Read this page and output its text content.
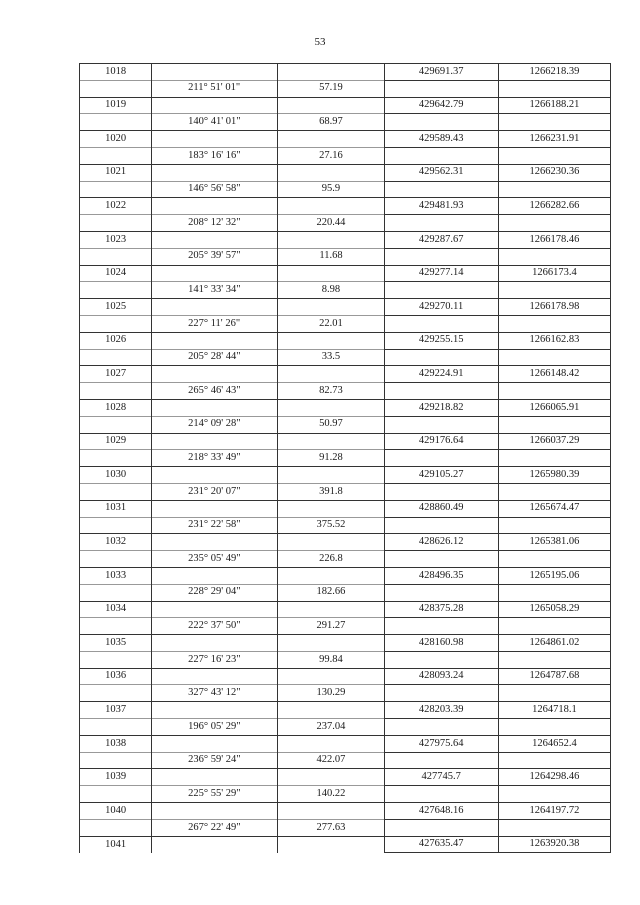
53
1018			429691.37	1266218.39
	211° 51' 01"	57.19		
1019			429642.79	1266188.21
	140° 41' 01"	68.97		
1020			429589.43	1266231.91
	183° 16' 16"	27.16		
1021			429562.31	1266230.36
	146° 56' 58"	95.9		
1022			429481.93	1266282.66
	208° 12' 32"	220.44		
1023			429287.67	1266178.46
	205° 39' 57"	11.68		
1024			429277.14	1266173.4
	141° 33' 34"	8.98		
1025			429270.11	1266178.98
	227° 11' 26"	22.01		
1026			429255.15	1266162.83
	205° 28' 44"	33.5		
1027			429224.91	1266148.42
	265° 46' 43"	82.73		
1028			429218.82	1266065.91
	214° 09' 28"	50.97		
1029			429176.64	1266037.29
	218° 33' 49"	91.28		
1030			429105.27	1265980.39
	231° 20' 07"	391.8		
1031			428860.49	1265674.47
	231° 22' 58"	375.52		
1032			428626.12	1265381.06
	235° 05' 49"	226.8		
1033			428496.35	1265195.06
	228° 29' 04"	182.66		
1034			428375.28	1265058.29
	222° 37' 50"	291.27		
1035			428160.98	1264861.02
	227° 16' 23"	99.84		
1036			428093.24	1264787.68
	327° 43' 12"	130.29		
1037			428203.39	1264718.1
	196° 05' 29"	237.04		
1038			427975.64	1264652.4
	236° 59' 24"	422.07		
1039			427745.7	1264298.46
	225° 55' 29"	140.22		
1040			427648.16	1264197.72
	267° 22' 49"	277.63		
1041			427635.47	1263920.38
